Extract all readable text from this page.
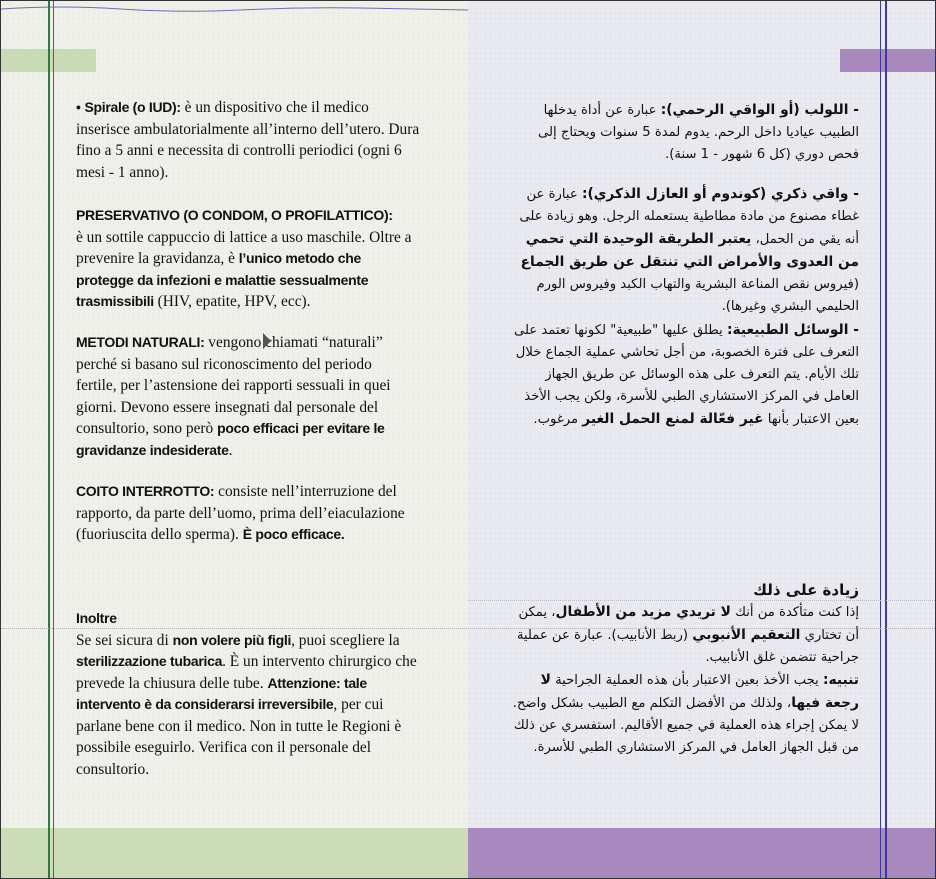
• Spirale (o IUD): è un dispositivo che il medico inserisce ambulatorialmente all’interno dell’utero. Dura fino a 5 anni e necessita di controlli periodici (ogni 6 mesi - 1 anno).

PRESERVATIVO (O CONDOM, O PROFILATTICO):
è un sottile cappuccio di lattice a uso maschile. Oltre a prevenire la gravidanza, è l’unico metodo che protegge da infezioni e malattie sessualmente trasmissibili (HIV, epatite, HPV, ecc).

METODI NATURALI: vengono chiamati “naturali” perché si basano sul riconoscimento del periodo fertile, per l’astensione dei rapporti sessuali in quei giorni. Devono essere insegnati dal personale del consultorio, sono però poco efficaci per evitare le gravidanze indesiderate.

COITO INTERROTTO: consiste nell’interruzione del rapporto, da parte dell’uomo, prima dell’eiaculazione (fuoriuscita dello sperma). È poco efficace.

Inoltre
Se sei sicura di non volere più figli, puoi scegliere la sterilizzazione tubarica. È un intervento chirurgico che prevede la chiusura delle tube. Attenzione: tale intervento è da considerarsi irreversibile, per cui parlane bene con il medico. Non in tutte le Regioni è possibile eseguirlo. Verifica con il personale del consultorio.

- اللولب (أو الواقي الرحمي): عبارة عن أداة يدخلها الطبيب عياديا داخل الرحم. يدوم لمدة 5 سنوات ويحتاج إلى فحص دوري (كل 6 شهور - 1 سنة).

- واقي ذكري (كوندوم أو العازل الذكري): عبارة عن غطاء مصنوع من مادة مطاطية يستعمله الرجل. وهو زيادة على أنه يقي من الحمل، يعتبر الطريقة الوحيدة التي تحمي من العدوى والأمراض التي تنتقل عن طريق الجماع (فيروس نقص المناعة البشرية والتهاب الكبد وفيروس الورم الحليمي البشري وغيرها).

- الوسائل الطبيعية: يطلق عليها "طبيعية" لكونها تعتمد على التعرف على فترة الخصوبة، من أجل تحاشي عملية الجماع خلال تلك الأيام. يتم التعرف على هذه الوسائل عن طريق الجهاز العامل في المركز الاستشاري الطبي للأسرة، ولكن يجب الأخذ بعين الاعتبار بأنها غير فعّالة لمنع الحمل الغير مرغوب.

زيادة على ذلك
إذا كنت متأكدة من أنك لا تريدي مزيد من الأطفال، يمكن أن تختاري التعقيم الأنبوبي (ربط الأنابيب). عبارة عن عملية جراحية تتضمن غلق الأنابيب.
تنبيه: يجب الأخذ بعين الاعتبار بأن هذه العملية الجراحية لا رجعة فيها، ولذلك من الأفضل التكلم مع الطبيب بشكل واضح.
لا يمكن إجراء هذه العملية في جميع الأقاليم. استفسري عن ذلك من قبل الجهاز العامل في المركز الاستشاري الطبي للأسرة.
